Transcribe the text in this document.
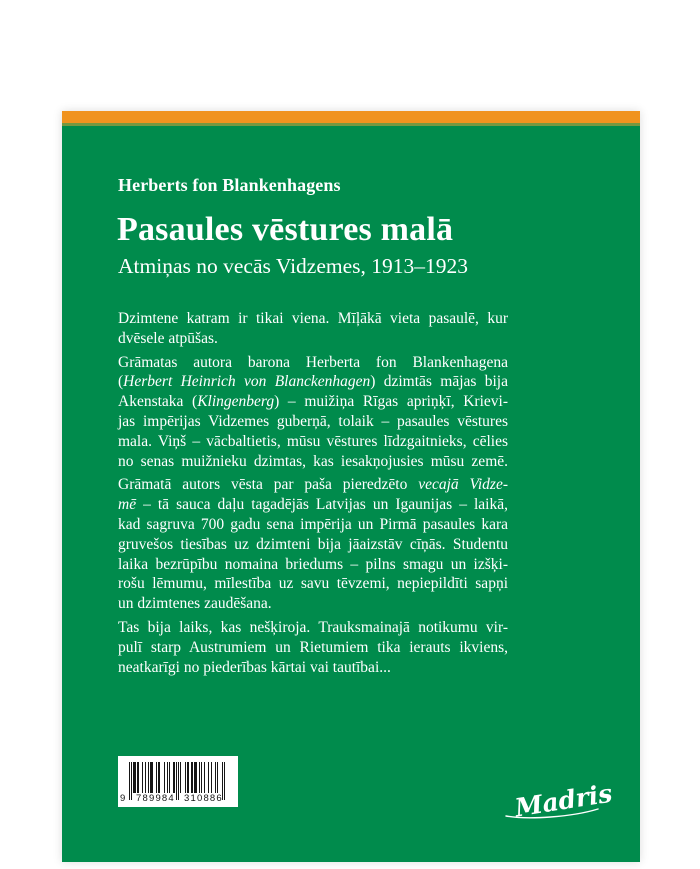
Herberts fon Blankenhagens
Pasaules vēstures malā
Atmiņas no vecās Vidzemes, 1913–1923
Dzimtene katram ir tikai viena. Mīļākā vieta pasaulē, kur
dvēsele atpūšas.
Grāmatas autora barona Herberta fon Blankenhagena
(Herbert Heinrich von Blanckenhagen) dzimtās mājas bija
Akenstaka (Klingenberg) – muižiņa Rīgas apriņķī, Krievi-
jas impērijas Vidzemes guberņā, tolaik – pasaules vēstures
mala. Viņš – vācbaltietis, mūsu vēstures līdzgaitnieks, cēlies
no senas muižnieku dzimtas, kas iesakņojusies mūsu zemē.
Grāmatā autors vēsta par paša pieredzēto vecajā Vidze-
mē – tā sauca daļu tagadējās Latvijas un Igaunijas – laikā,
kad sagruva 700 gadu sena impērija un Pirmā pasaules kara
gruvešos tiesības uz dzimteni bija jāaizstāv cīņās. Studentu
laika bezrūpību nomaina briedums – pilns smagu un izšķi-
rošu lēmumu, mīlestība uz savu tēvzemi, nepiepildīti sapņi
un dzimtenes zaudēšana.
Tas bija laiks, kas nešķiroja. Trauksmainajā notikumu vir-
pulī starp Austrumiem un Rietumiem tika ierauts ikviens,
neatkarīgi no piederības kārtai vai tautībai...
9 789984 310886	Madris
